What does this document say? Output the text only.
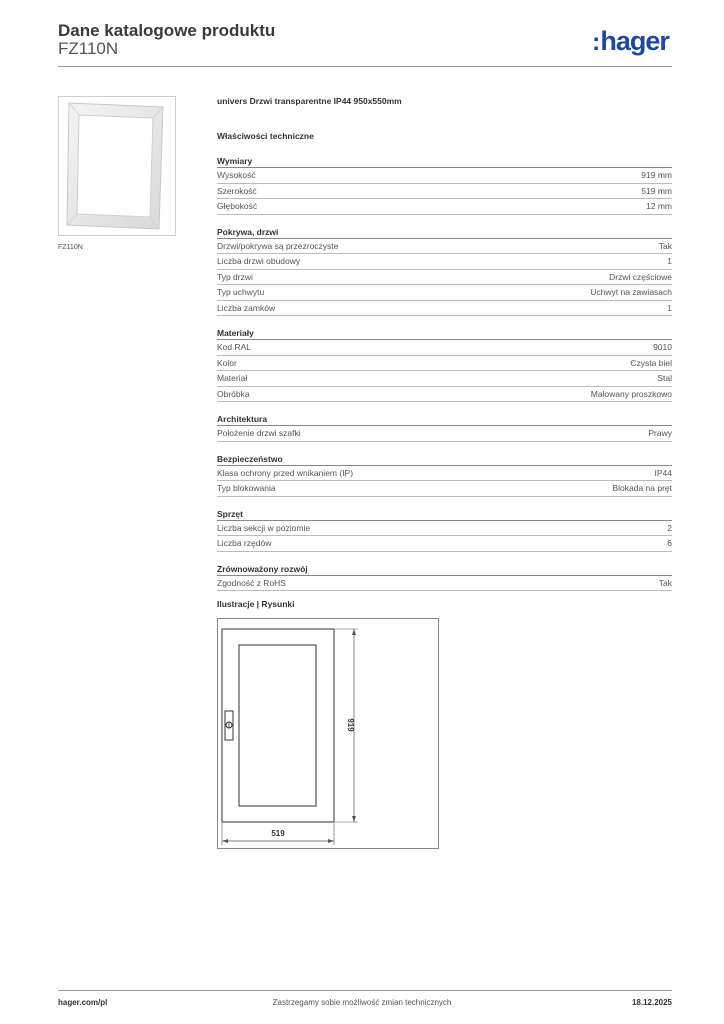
Dane katalogowe produktu
FZ110N	:hager
FZ110N
univers Drzwi transparentne IP44 950x550mm
Właściwości techniczne
Wymiary
Wysokość	919 mm
Szerokość	519 mm
Głębokość	12 mm
Pokrywa, drzwi
Drzwi/pokrywa są przezroczyste	Tak
Liczba drzwi obudowy	1
Typ drzwi	Drzwi częściowe
Typ uchwytu	Uchwyt na zawiasach
Liczba zamków	1
Materiały
Kod RAL	9010
Kolor	Czysta biel
Materiał	Stal
Obróbka	Malowany proszkowo
Architektura
Położenie drzwi szafki	Prawy
Bezpieczeństwo
Klasa ochrony przed wnikaniem (IP)	IP44
Typ blokowania	Blokada na pręt
Sprzęt
Liczba sekcji w poziomie	2
Liczba rzędów	6
Zrównoważony rozwój
Zgodność z RoHS	Tak
Ilustracje | Rysunki
919
519
Zastrzegamy sobie możliwość zmian technicznych
hager.com/pl	18.12.2025
